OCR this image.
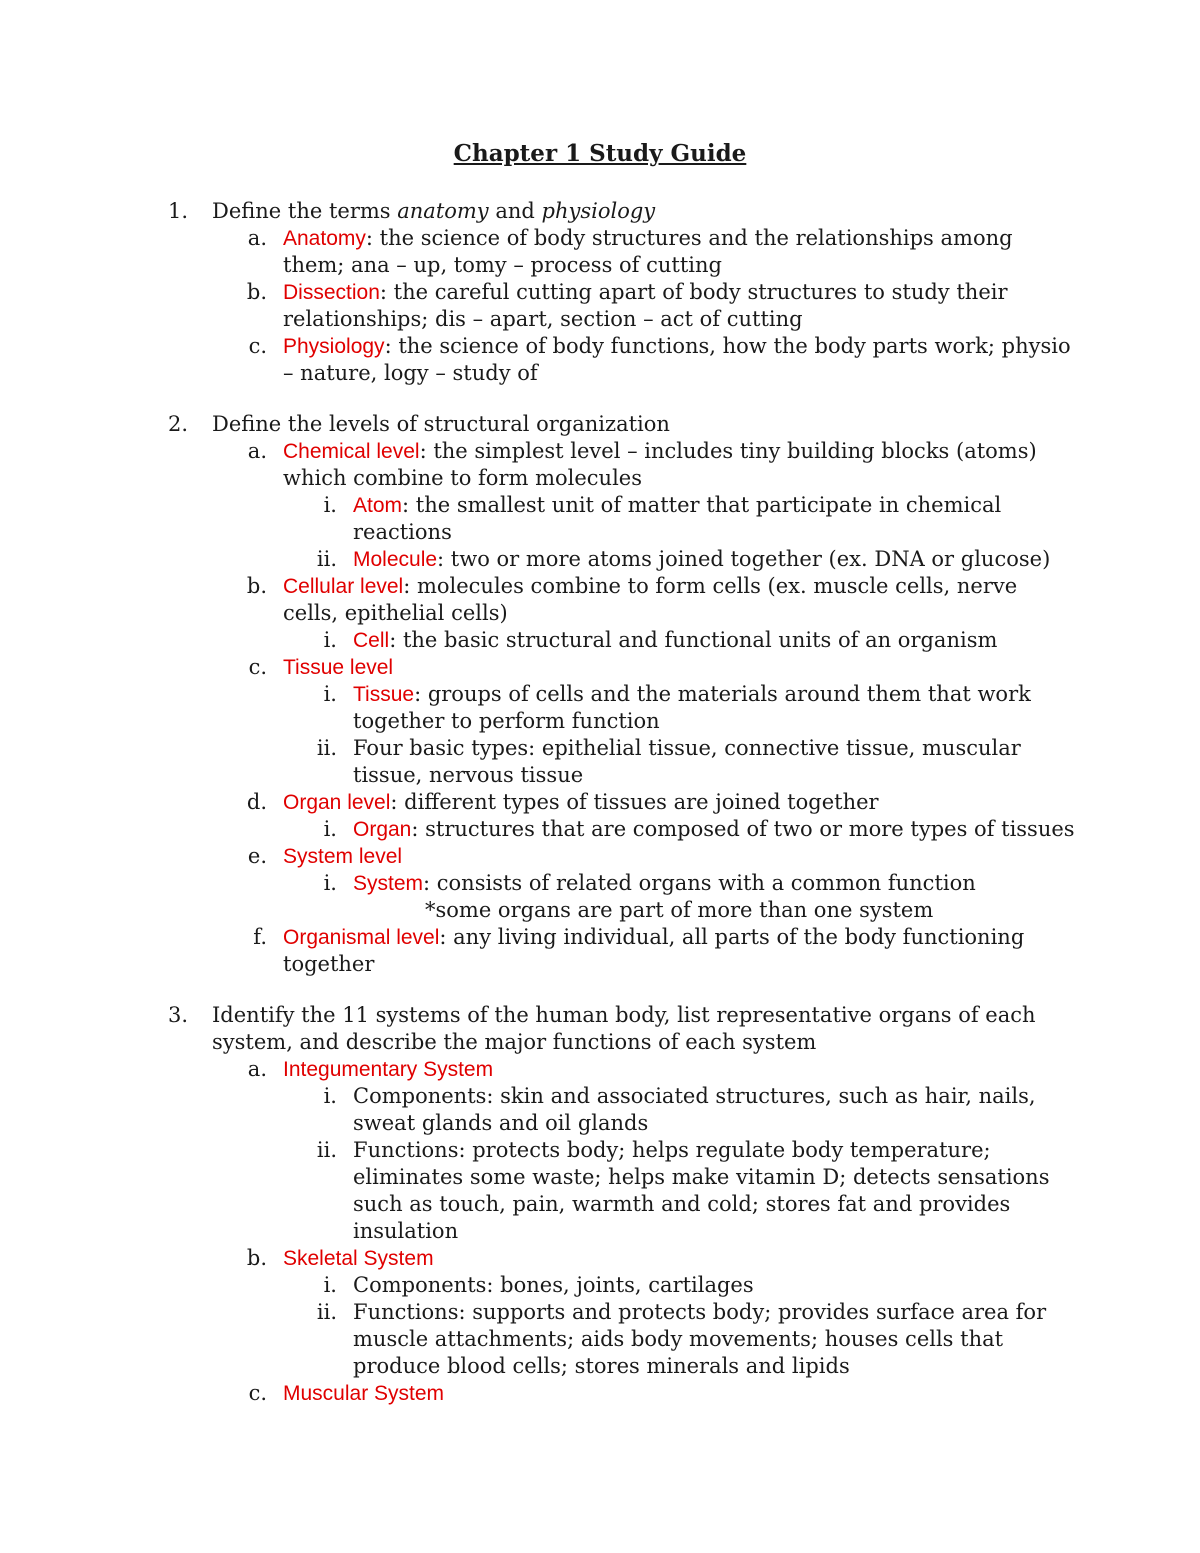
Chapter 1 Study Guide
1. Define the terms anatomy and physiology

a. Anatomy: the science of body structures and the relationships among

them; ana – up, tomy – process of cutting

b. Dissection: the careful cutting apart of body structures to study their

relationships; dis – apart, section – act of cutting

c. Physiology: the science of body functions, how the body parts work; physio

– nature, logy – study of

2. Define the levels of structural organization

a. Chemical level: the simplest level – includes tiny building blocks (atoms)

which combine to form molecules

i. Atom: the smallest unit of matter that participate in chemical

reactions

ii. Molecule: two or more atoms joined together (ex. DNA or glucose)

b. Cellular level: molecules combine to form cells (ex. muscle cells, nerve

cells, epithelial cells)

i. Cell: the basic structural and functional units of an organism

c. Tissue level

i. Tissue: groups of cells and the materials around them that work

together to perform function

ii. Four basic types: epithelial tissue, connective tissue, muscular

tissue, nervous tissue

d. Organ level: different types of tissues are joined together

i. Organ: structures that are composed of two or more types of tissues

e. System level

i. System: consists of related organs with a common function

*some organs are part of more than one system

f. Organismal level: any living individual, all parts of the body functioning

together

3. Identify the 11 systems of the human body, list representative organs of each

system, and describe the major functions of each system

a. Integumentary System

i. Components: skin and associated structures, such as hair, nails,

sweat glands and oil glands

ii. Functions: protects body; helps regulate body temperature;

eliminates some waste; helps make vitamin D; detects sensations

such as touch, pain, warmth and cold; stores fat and provides

insulation

b. Skeletal System

i. Components: bones, joints, cartilages

ii. Functions: supports and protects body; provides surface area for

muscle attachments; aids body movements; houses cells that

produce blood cells; stores minerals and lipids

c. Muscular System
